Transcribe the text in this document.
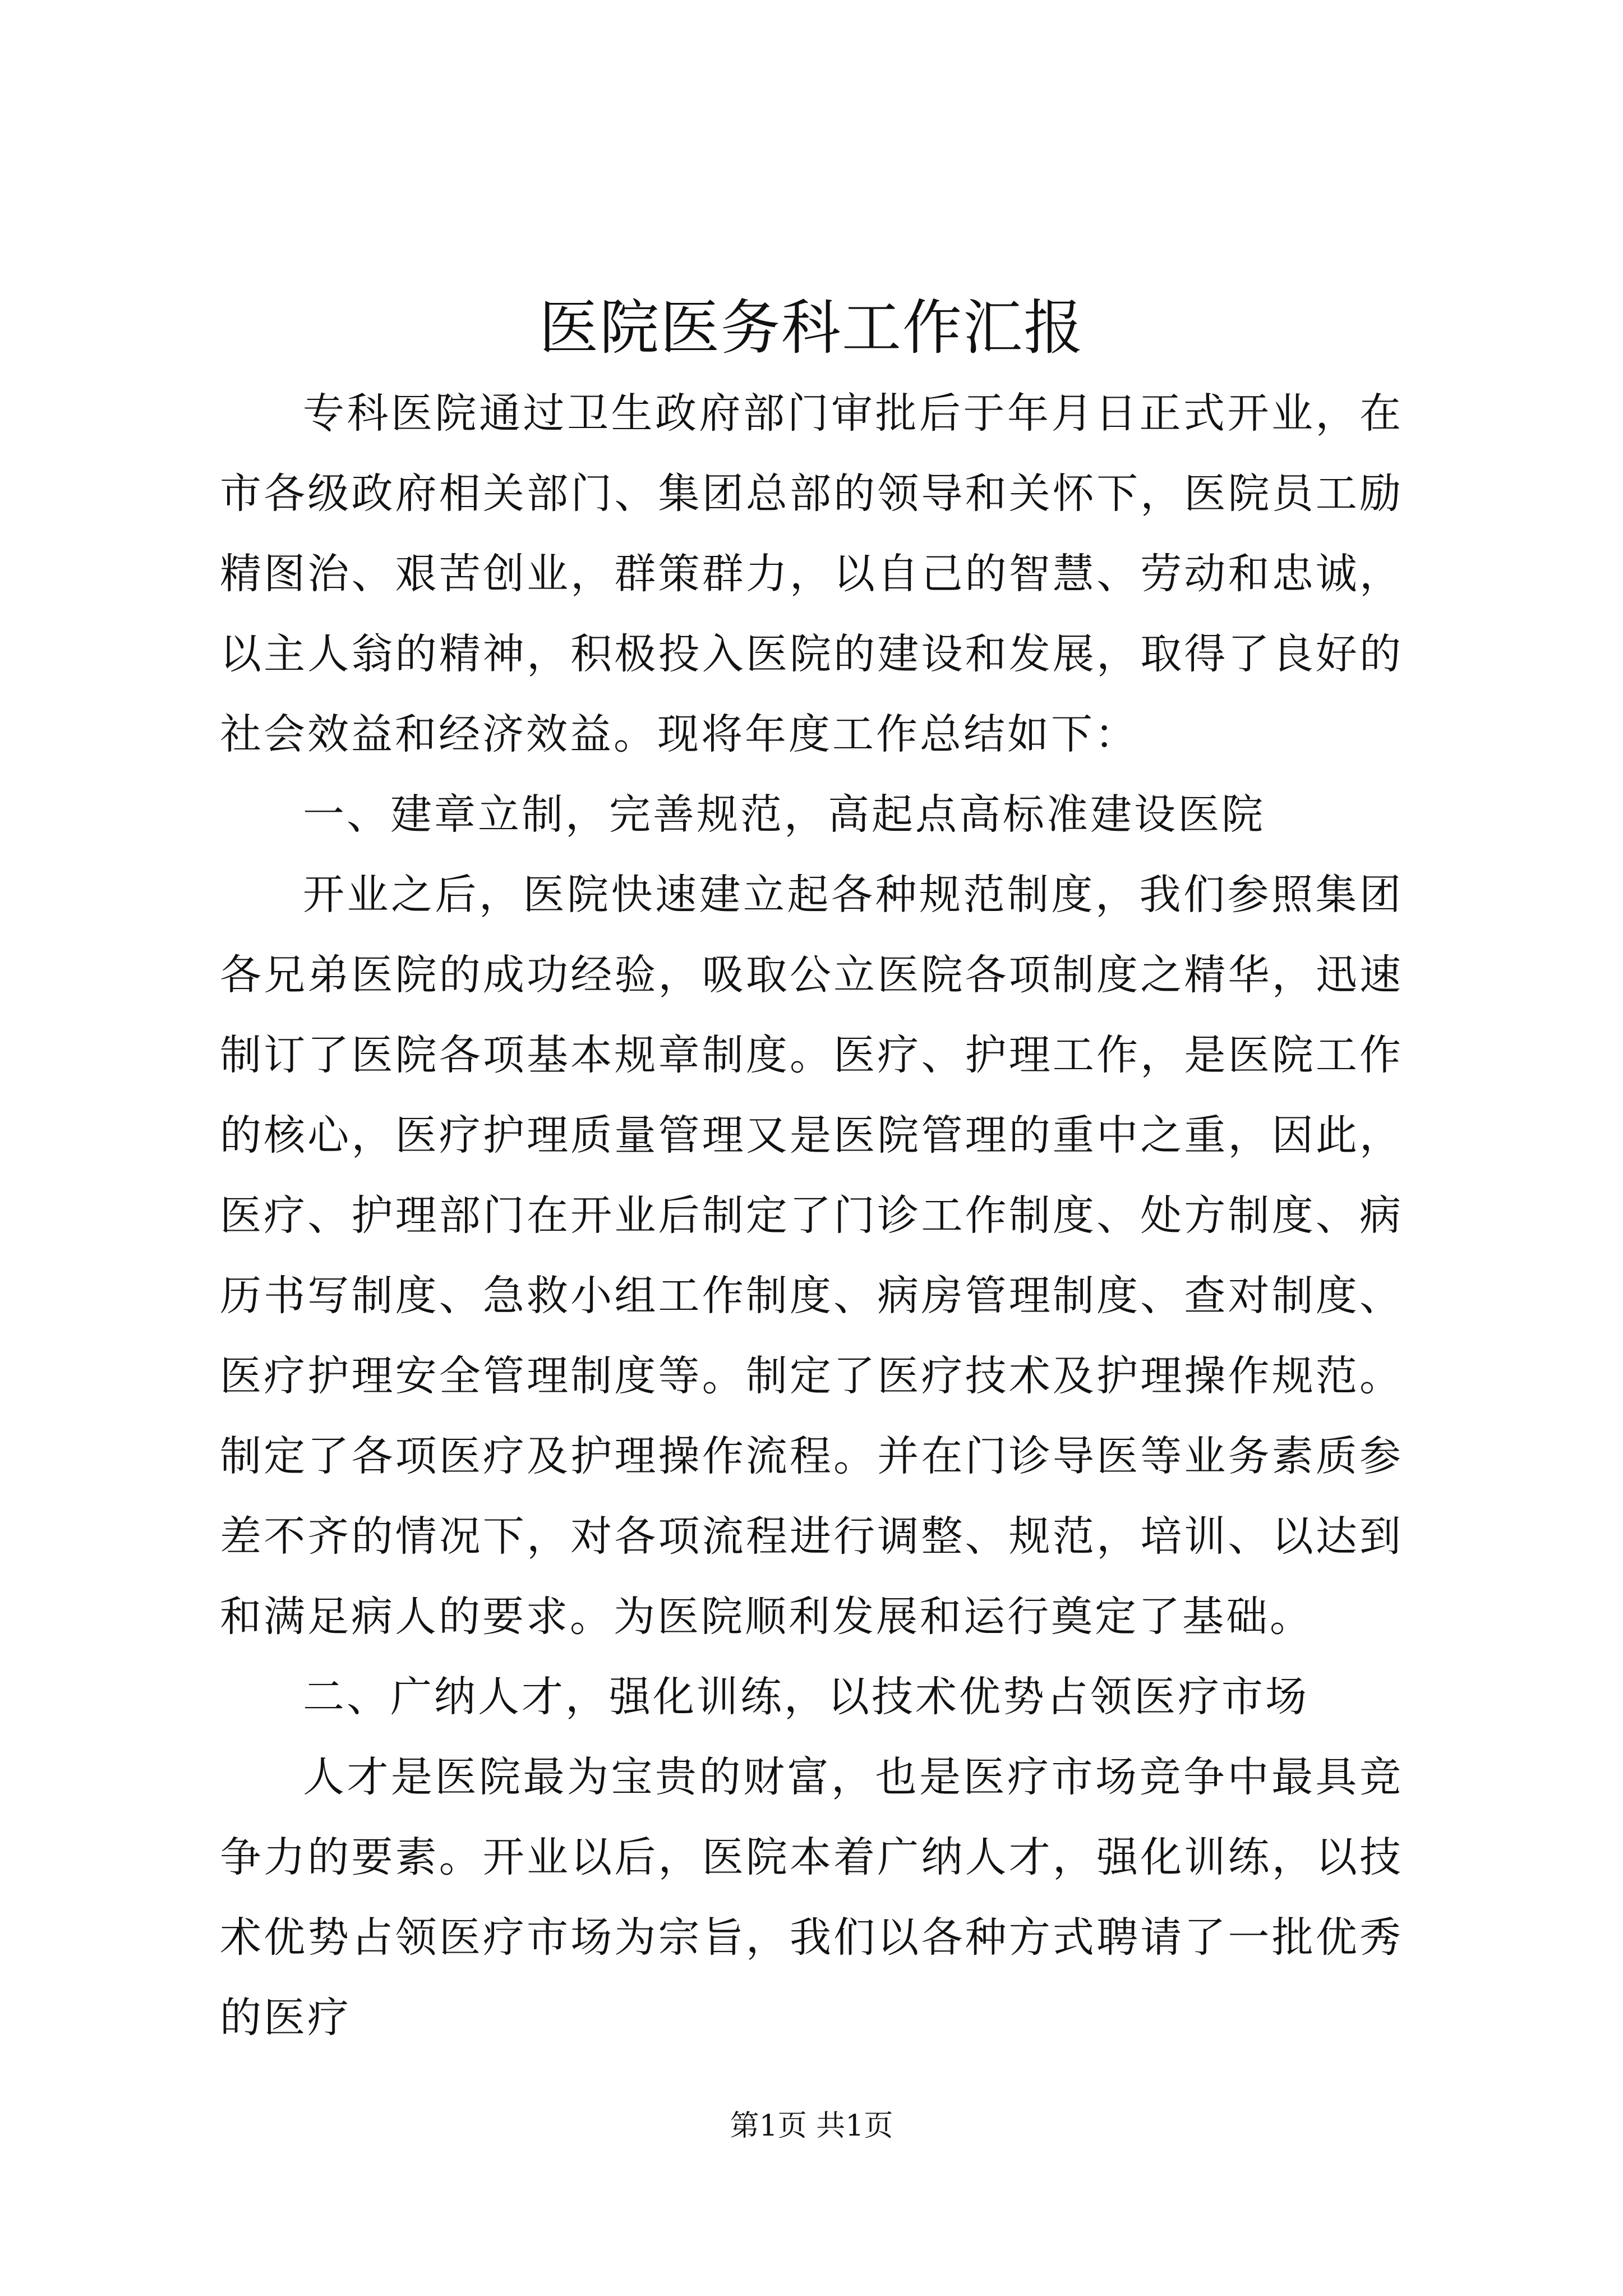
医院医务科工作汇报

专科医院通过卫生政府部门审批后于年月日正式开业，在市各级政府相关部门、集团总部的领导和关怀下，医院员工励精图治、艰苦创业，群策群力，以自己的智慧、劳动和忠诚，以主人翁的精神，积极投入医院的建设和发展，取得了良好的社会效益和经济效益。现将年度工作总结如下：

一、建章立制，完善规范，高起点高标准建设医院

开业之后，医院快速建立起各种规范制度，我们参照集团各兄弟医院的成功经验，吸取公立医院各项制度之精华，迅速制订了医院各项基本规章制度。医疗、护理工作，是医院工作的核心，医疗护理质量管理又是医院管理的重中之重，因此，医疗、护理部门在开业后制定了门诊工作制度、处方制度、病历书写制度、急救小组工作制度、病房管理制度、查对制度、医疗护理安全管理制度等。制定了医疗技术及护理操作规范。制定了各项医疗及护理操作流程。并在门诊导医等业务素质参差不齐的情况下，对各项流程进行调整、规范，培训、以达到和满足病人的要求。为医院顺利发展和运行奠定了基础。

二、广纳人才，强化训练，以技术优势占领医疗市场

人才是医院最为宝贵的财富，也是医疗市场竞争中最具竞争力的要素。开业以后，医院本着广纳人才，强化训练，以技术优势占领医疗市场为宗旨，我们以各种方式聘请了一批优秀的医疗

第1页 共1页
